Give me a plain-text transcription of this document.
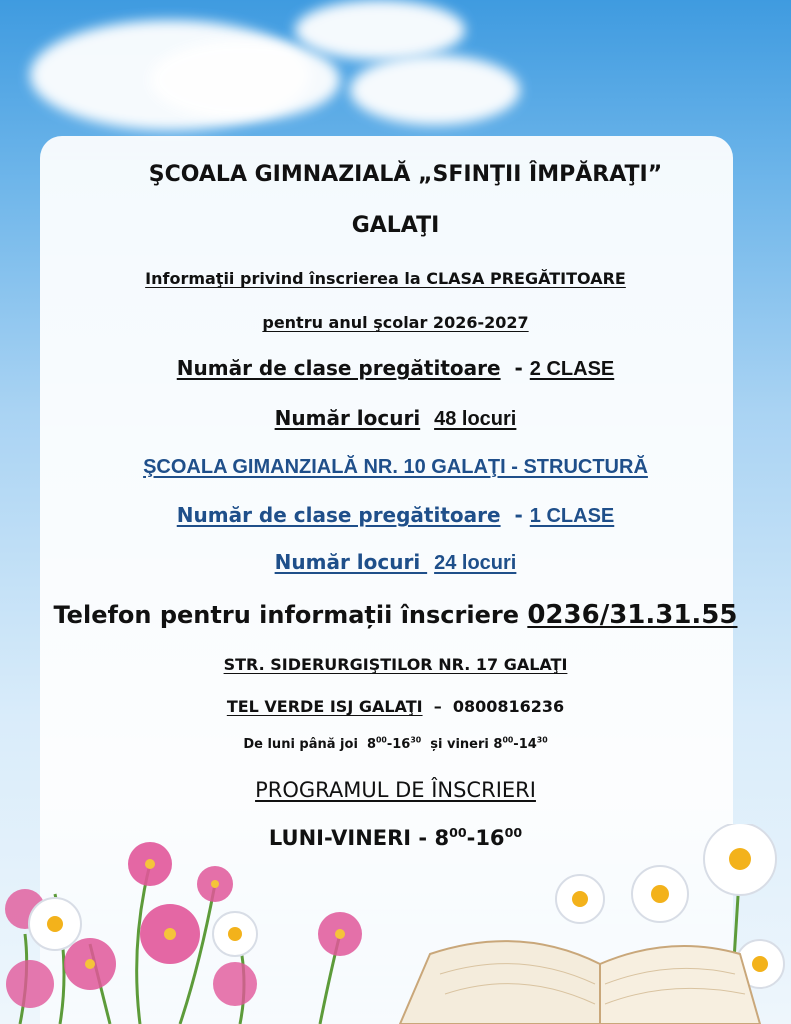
ŞCOALA GIMNAZIALĂ „SFINŢII ÎMPĂRAŢI”
GALAŢI
Informaţii privind înscrierea la CLASA PREGĂTITOARE
pentru anul şcolar 2026-2027
Număr de clase pregătitoare  - 2 CLASE
Număr locuri 48 locuri
ŞCOALA GIMANZIALĂ NR. 10 GALAŢI - STRUCTURĂ
Număr de clase pregătitoare  - 1 CLASE
Număr locuri  24 locuri
Telefon pentru informații înscriere 0236/31.31.55
STR. SIDERURGIŞTILOR NR. 17 GALAŢI
TEL VERDE ISJ GALAŢI  –  0800816236
De luni până joi  $8^{00}-16^{30}$  și vineri $8^{00}-14^{30}$
PROGRAMUL DE ÎNSCRIERI
LUNI-VINERI - $8^{00}-16^{00}$
